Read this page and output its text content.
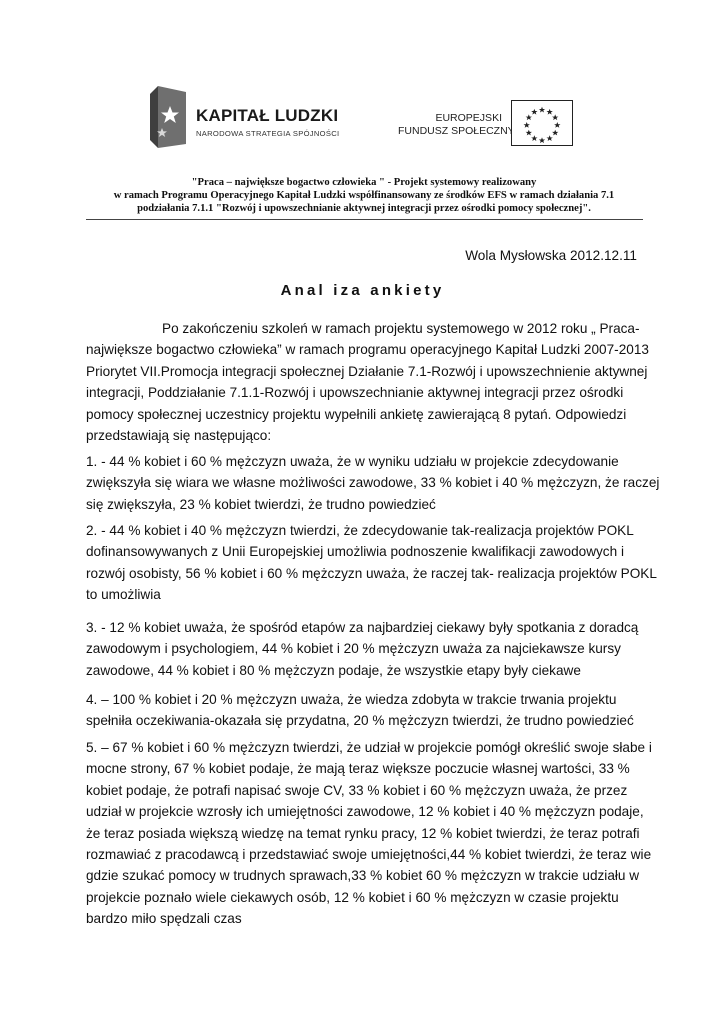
KAPITAŁ LUDZKI
NARODOWA STRATEGIA SPÓJNOŚCI
EUROPEJSKI
FUNDUSZ SPOŁECZNY
"Praca – największe bogactwo człowieka " - Projekt systemowy realizowany
w ramach Programu Operacyjnego Kapitał Ludzki współfinansowany ze środków EFS w ramach działania 7.1
podziałania 7.1.1 "Rozwój i upowszechnianie aktywnej integracji przez ośrodki pomocy społecznej".
Wola Mysłowska 2012.12.11
Anal iza ankiety
Po zakończeniu szkoleń w ramach projektu systemowego w 2012 roku „ Praca-
największe bogactwo człowieka” w ramach programu operacyjnego Kapitał Ludzki 2007-2013
Priorytet VII.Promocja integracji społecznej Działanie 7.1-Rozwój i upowszechnienie aktywnej
integracji, Poddziałanie 7.1.1-Rozwój i upowszechnianie aktywnej integracji przez ośrodki
pomocy społecznej uczestnicy projektu wypełnili ankietę zawierającą 8 pytań. Odpowiedzi
przedstawiają się następująco:
1. - 44 % kobiet i 60 % mężczyzn uważa, że w wyniku udziału w projekcie zdecydowanie
zwiększyła się wiara we własne możliwości zawodowe, 33 % kobiet i 40 % mężczyzn, że raczej
się zwiększyła, 23 % kobiet twierdzi, że trudno powiedzieć
2. - 44 % kobiet i 40 % mężczyzn twierdzi, że zdecydowanie tak-realizacja projektów POKL
dofinansowywanych z Unii Europejskiej umożliwia podnoszenie kwalifikacji zawodowych i
rozwój osobisty, 56 % kobiet i 60 % mężczyzn uważa, że raczej tak- realizacja projektów POKL
to umożliwia
3. - 12 % kobiet uważa, że spośród etapów za najbardziej ciekawy były spotkania z doradcą
zawodowym i psychologiem, 44 % kobiet i 20 % mężczyzn uważa za najciekawsze kursy
zawodowe, 44 % kobiet i 80 % mężczyzn podaje, że wszystkie etapy były ciekawe
4. – 100 % kobiet i 20 % mężczyzn uważa, że wiedza zdobyta w trakcie trwania projektu
spełniła oczekiwania-okazała się przydatna, 20 % mężczyzn twierdzi, że trudno powiedzieć
5. – 67 % kobiet i 60 % mężczyzn twierdzi, że udział w projekcie pomógł określić swoje słabe i
mocne strony, 67 % kobiet podaje, że mają teraz większe poczucie własnej wartości, 33 %
kobiet podaje, że potrafi napisać swoje CV, 33 % kobiet i 60 % mężczyzn uważa, że przez
udział w projekcie wzrosły ich umiejętności zawodowe, 12 % kobiet i 40 % mężczyzn podaje,
że teraz posiada większą wiedzę na temat rynku pracy, 12 % kobiet twierdzi, że teraz potrafi
rozmawiać z pracodawcą i przedstawiać swoje umiejętności,44 % kobiet twierdzi, że teraz wie
gdzie szukać pomocy w trudnych sprawach,33 % kobiet 60 % mężczyzn w trakcie udziału w
projekcie poznało wiele ciekawych osób, 12 % kobiet i 60 % mężczyzn w czasie projektu
bardzo miło spędzali czas
